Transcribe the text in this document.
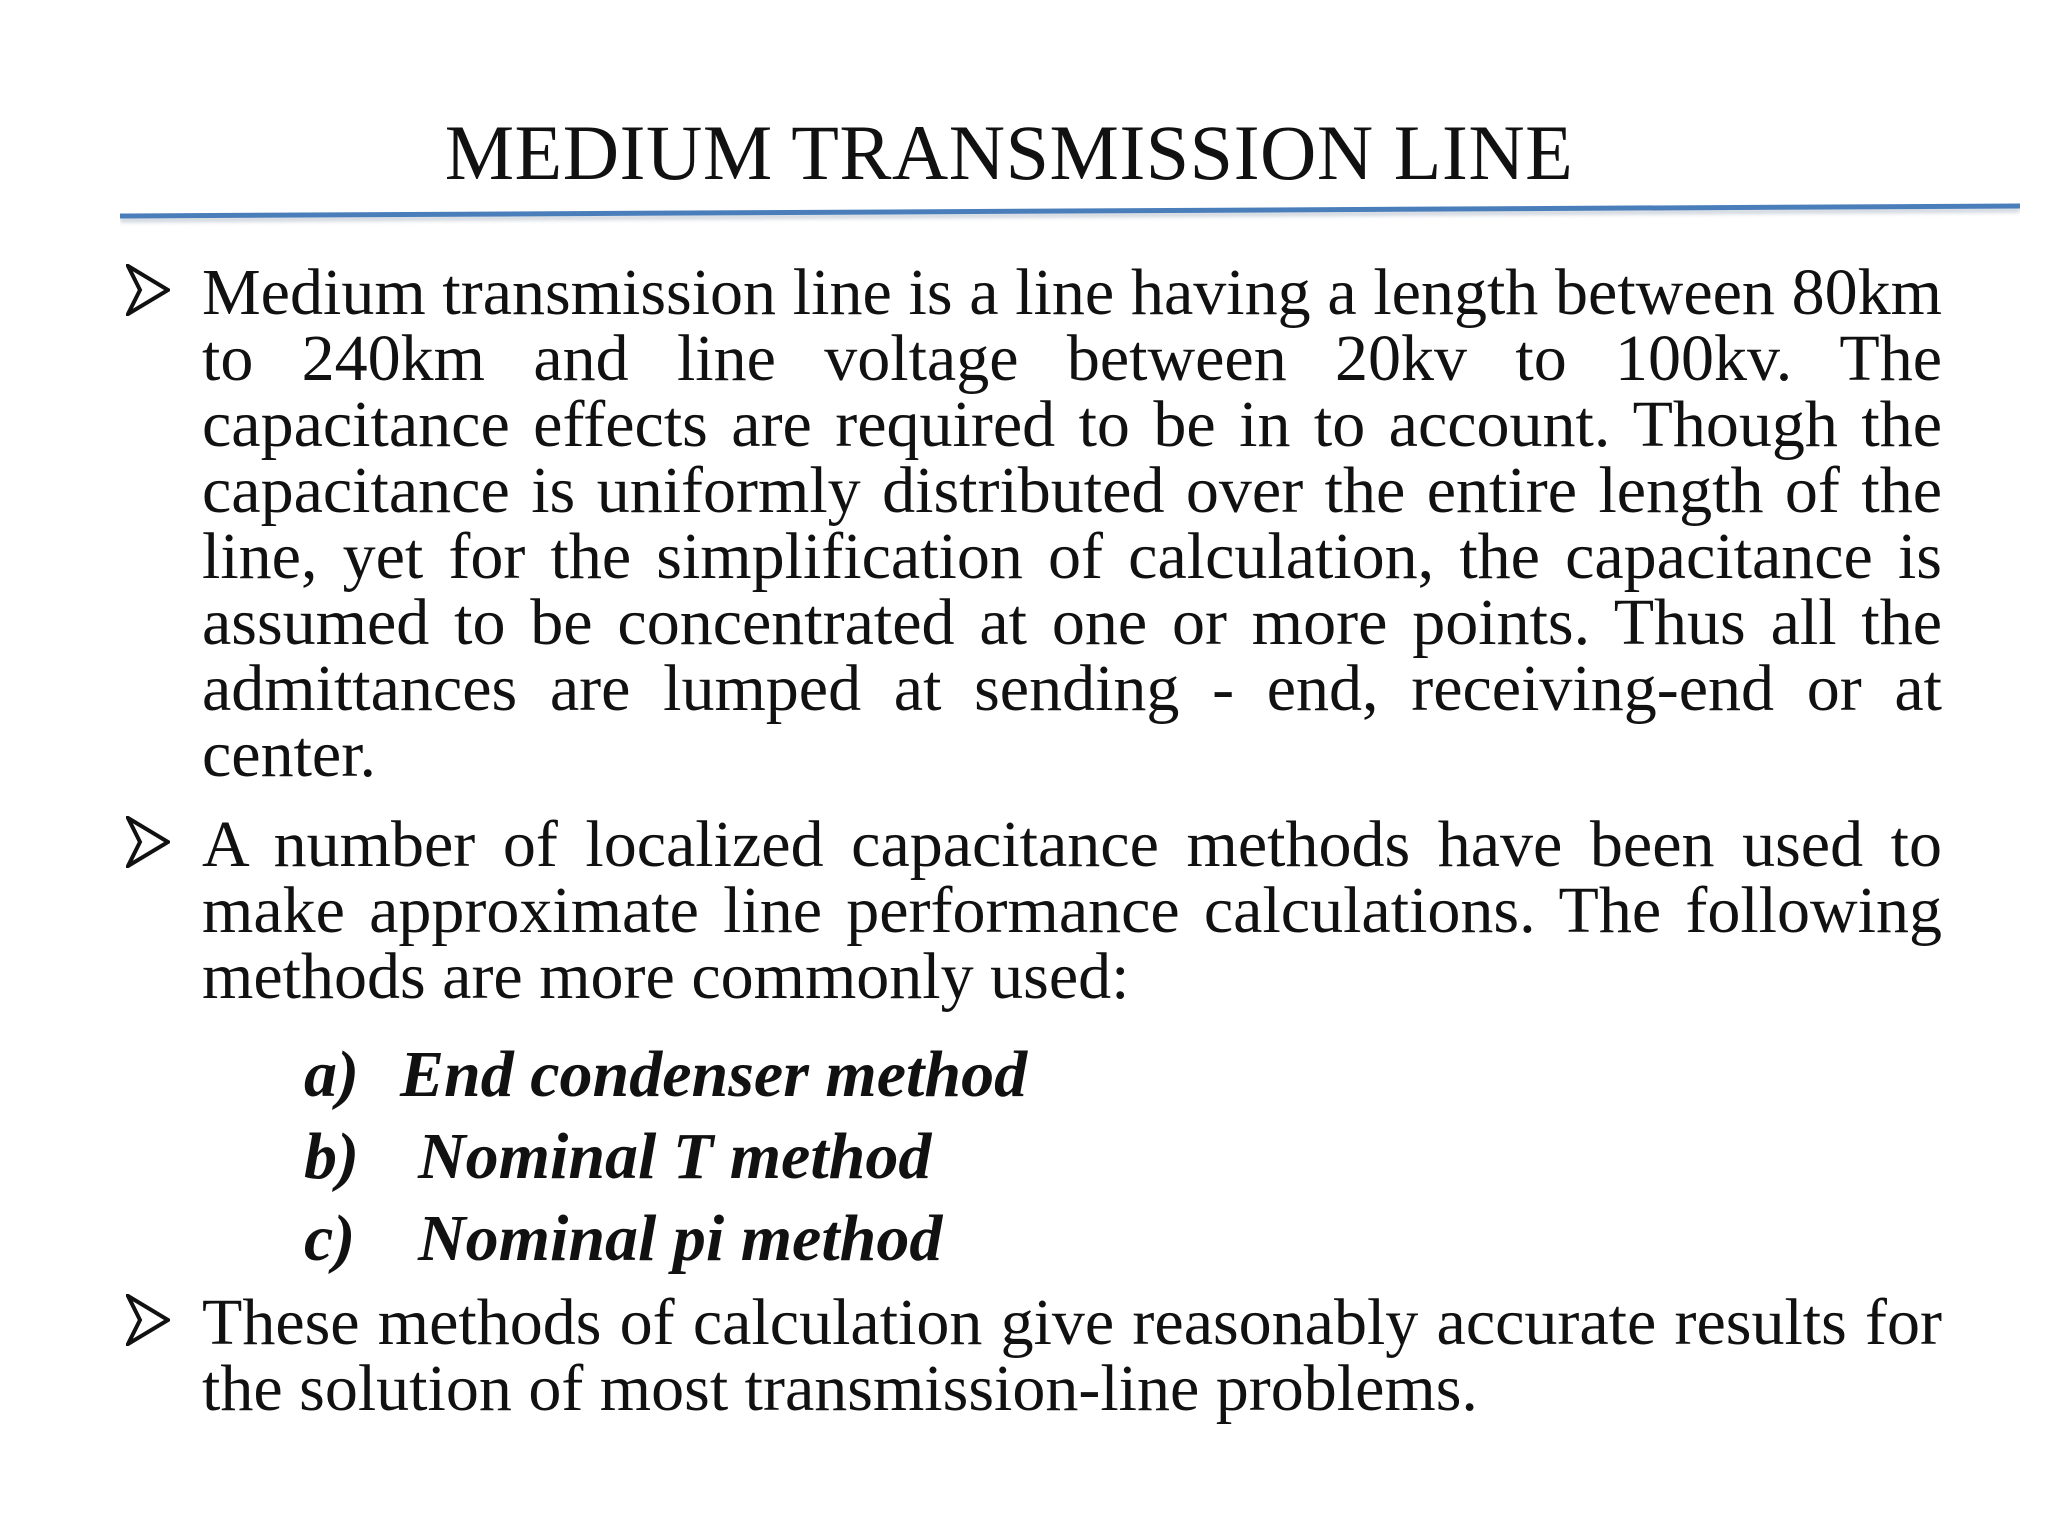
MEDIUM TRANSMISSION LINE
Medium transmission line is a line having a length between 80km to 240km and line voltage between 20kv to 100kv. The capacitance effects are required to be in to account. Though the capacitance is uniformly distributed over the entire length of the line, yet for the simplification of calculation, the capacitance is assumed to be concentrated at one or more points. Thus all the admittances are lumped at sending - end, receiving-end or at center.
A number of localized capacitance methods have been used to make approximate line performance calculations. The following methods are more commonly used:
a) End condenser method
b) Nominal T method
c) Nominal pi method
These methods of calculation give reasonably accurate results for the solution of most transmission-line problems.
